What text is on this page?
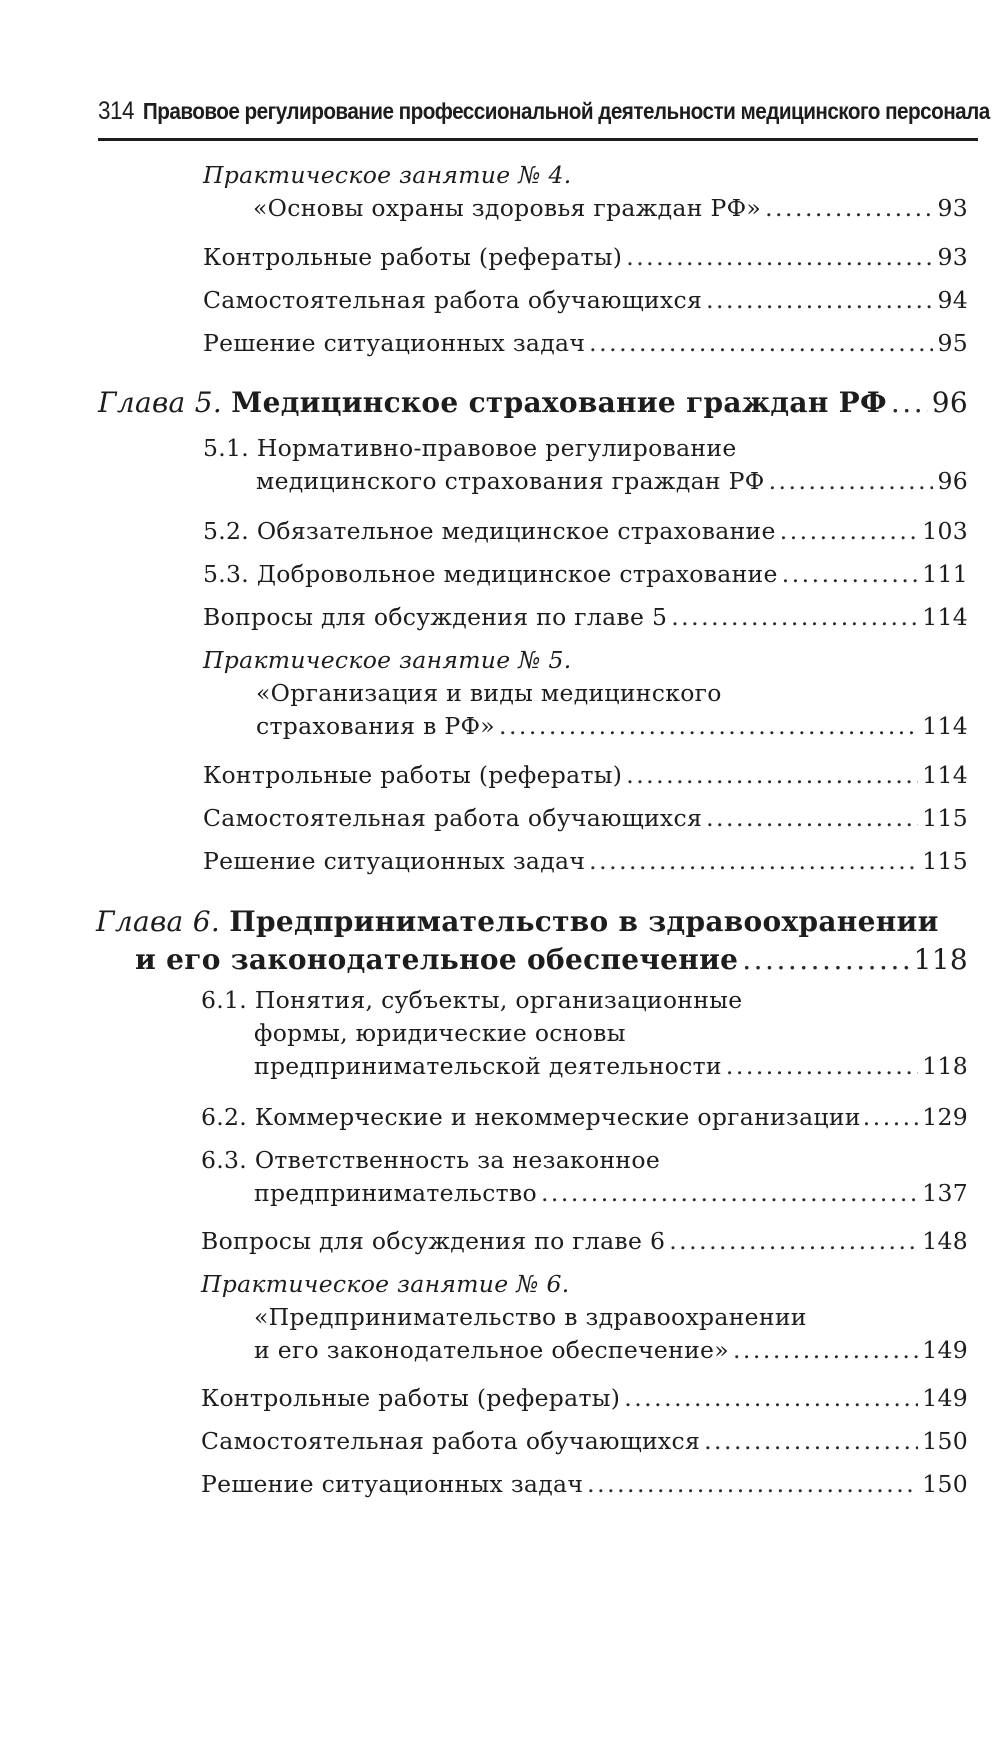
314 Правовое регулирование профессиональной деятельности медицинского персонала
Практическое занятие № 4.
«Основы охраны здоровья граждан РФ» .....	93
Контрольные работы (рефераты) .....	93
Самостоятельная работа обучающихся .....	94
Решение ситуационных задач .....	95
Глава 5. Медицинское страхование граждан РФ ..... 96
5.1. Нормативно-правовое регулирование
медицинского страхования граждан РФ .....	96
5.2. Обязательное медицинское страхование .....	103
5.3. Добровольное медицинское страхование .....	111
Вопросы для обсуждения по главе 5 .....	114
Практическое занятие № 5.
«Организация и виды медицинского
страхования в РФ» .....	114
Контрольные работы (рефераты) .....	114
Самостоятельная работа обучающихся .....	115
Решение ситуационных задач .....	115
Глава 6. Предпринимательство в здравоохранении
и его законодательное обеспечение .....	118
6.1. Понятия, субъекты, организационные
формы, юридические основы
предпринимательской деятельности .....	118
6.2. Коммерческие и некоммерческие организации .....	129
6.3. Ответственность за незаконное
предпринимательство .....	137
Вопросы для обсуждения по главе 6 .....	148
Практическое занятие № 6.
«Предпринимательство в здравоохранении
и его законодательное обеспечение» .....	149
Контрольные работы (рефераты) .....	149
Самостоятельная работа обучающихся .....	150
Решение ситуационных задач .....	150
